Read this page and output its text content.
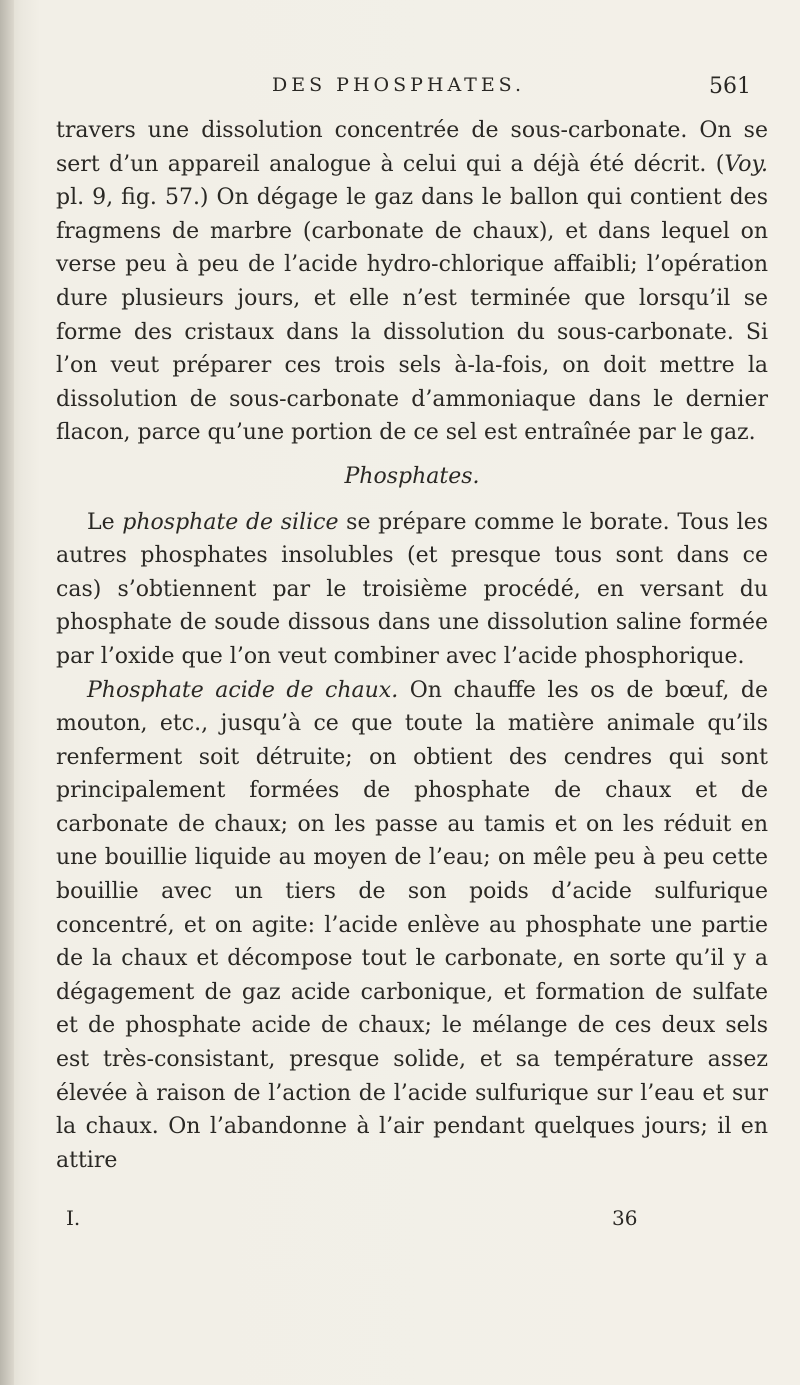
DES PHOSPHATES.	561

travers une dissolution concentrée de sous-carbonate. On se sert d’un appareil analogue à celui qui a déjà été décrit. (Voy. pl. 9, fig. 57.) On dégage le gaz dans le ballon qui contient des fragmens de marbre (carbonate de chaux), et dans lequel on verse peu à peu de l’acide hydro-chlorique affaibli; l’opération dure plusieurs jours, et elle n’est terminée que lorsqu’il se forme des cristaux dans la dissolution du sous-carbonate. Si l’on veut préparer ces trois sels à-la-fois, on doit mettre la dissolution de sous-carbonate d’ammoniaque dans le dernier flacon, parce qu’une portion de ce sel est entraînée par le gaz.

Phosphates.

Le phosphate de silice se prépare comme le borate. Tous les autres phosphates insolubles (et presque tous sont dans ce cas) s’obtiennent par le troisième procédé, en versant du phosphate de soude dissous dans une dissolution saline formée par l’oxide que l’on veut combiner avec l’acide phosphorique.

Phosphate acide de chaux. On chauffe les os de bœuf, de mouton, etc., jusqu’à ce que toute la matière animale qu’ils renferment soit détruite; on obtient des cendres qui sont principalement formées de phosphate de chaux et de carbonate de chaux; on les passe au tamis et on les réduit en une bouillie liquide au moyen de l’eau; on mêle peu à peu cette bouillie avec un tiers de son poids d’acide sulfurique concentré, et on agite: l’acide enlève au phosphate une partie de la chaux et décompose tout le carbonate, en sorte qu’il y a dégagement de gaz acide carbonique, et formation de sulfate et de phosphate acide de chaux; le mélange de ces deux sels est très-consistant, presque solide, et sa température assez élevée à raison de l’action de l’acide sulfurique sur l’eau et sur la chaux. On l’abandonne à l’air pendant quelques jours; il en attire

I.	36
